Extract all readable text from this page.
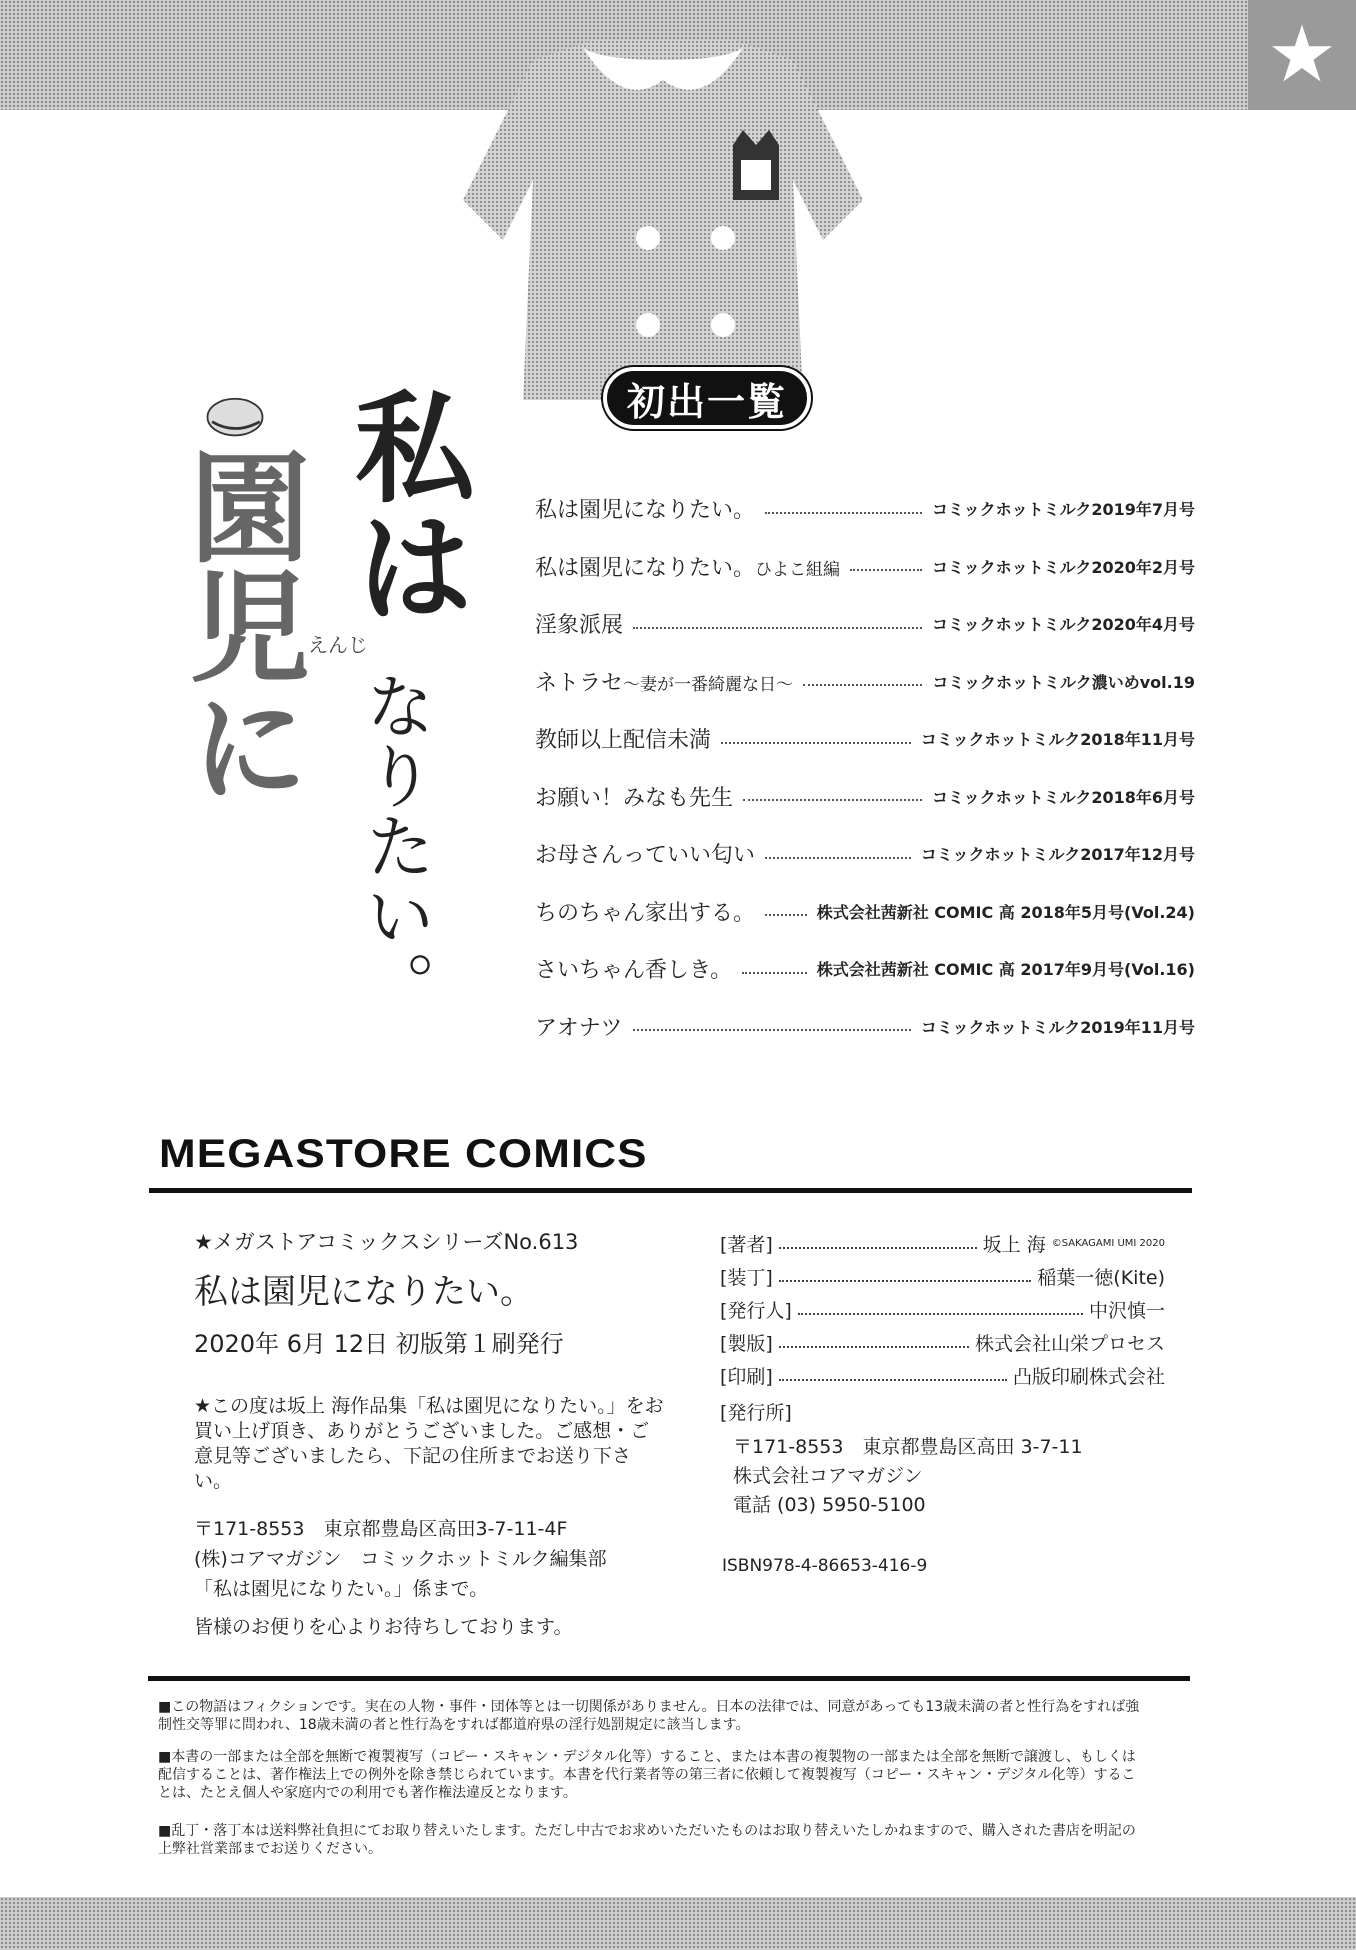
★
初出一覧
私は
園児に
えんじ
なりたい。
私は園児になりたい。	コミックホットミルク2019年7月号
私は園児になりたい。ひよこ組編	コミックホットミルク2020年2月号
淫象派展	コミックホットミルク2020年4月号
ネトラセ～妻が一番綺麗な日～	コミックホットミルク濃いめvol.19
教師以上配信未満	コミックホットミルク2018年11月号
お願い！みなも先生	コミックホットミルク2018年6月号
お母さんっていい匂い	コミックホットミルク2017年12月号
ちのちゃん家出する。	株式会社茜新社 COMIC 高 2018年5月号(Vol.24)
さいちゃん香しき。	株式会社茜新社 COMIC 高 2017年9月号(Vol.16)
アオナツ	コミックホットミルク2019年11月号
MEGASTORE COMICS
★メガストアコミックスシリーズNo.613
私は園児になりたい。
2020年 6月 12日 初版第１刷発行
★この度は坂上 海作品集「私は園児になりたい。」をお買い上げ頂き、ありがとうございました。ご感想・ご意見等ございましたら、下記の住所までお送り下さい。
〒171-8553　東京都豊島区高田3-7-11-4F
(株)コアマガジン　コミックホットミルク編集部
「私は園児になりたい。」係まで。
皆様のお便りを心よりお待ちしております。
[著者]	坂上 海 ©SAKAGAMI UMI 2020
[装丁]	稲葉一徳(Kite)
[発行人]	中沢慎一
[製版]	株式会社山栄プロセス
[印刷]	凸版印刷株式会社
[発行所]
〒171-8553　東京都豊島区高田 3-7-11
株式会社コアマガジン
電話 (03) 5950-5100
ISBN978-4-86653-416-9
■この物語はフィクションです。実在の人物・事件・団体等とは一切関係がありません。日本の法律では、同意があっても13歳未満の者と性行為をすれば強制性交等罪に問われ、18歳未満の者と性行為をすれば都道府県の淫行処罰規定に該当します。
■本書の一部または全部を無断で複製複写（コピー・スキャン・デジタル化等）すること、または本書の複製物の一部または全部を無断で譲渡し、もしくは配信することは、著作権法上での例外を除き禁じられています。本書を代行業者等の第三者に依頼して複製複写（コピー・スキャン・デジタル化等）することは、たとえ個人や家庭内での利用でも著作権法違反となります。
■乱丁・落丁本は送料弊社負担にてお取り替えいたします。ただし中古でお求めいただいたものはお取り替えいたしかねますので、購入された書店を明記の上弊社営業部までお送りください。
